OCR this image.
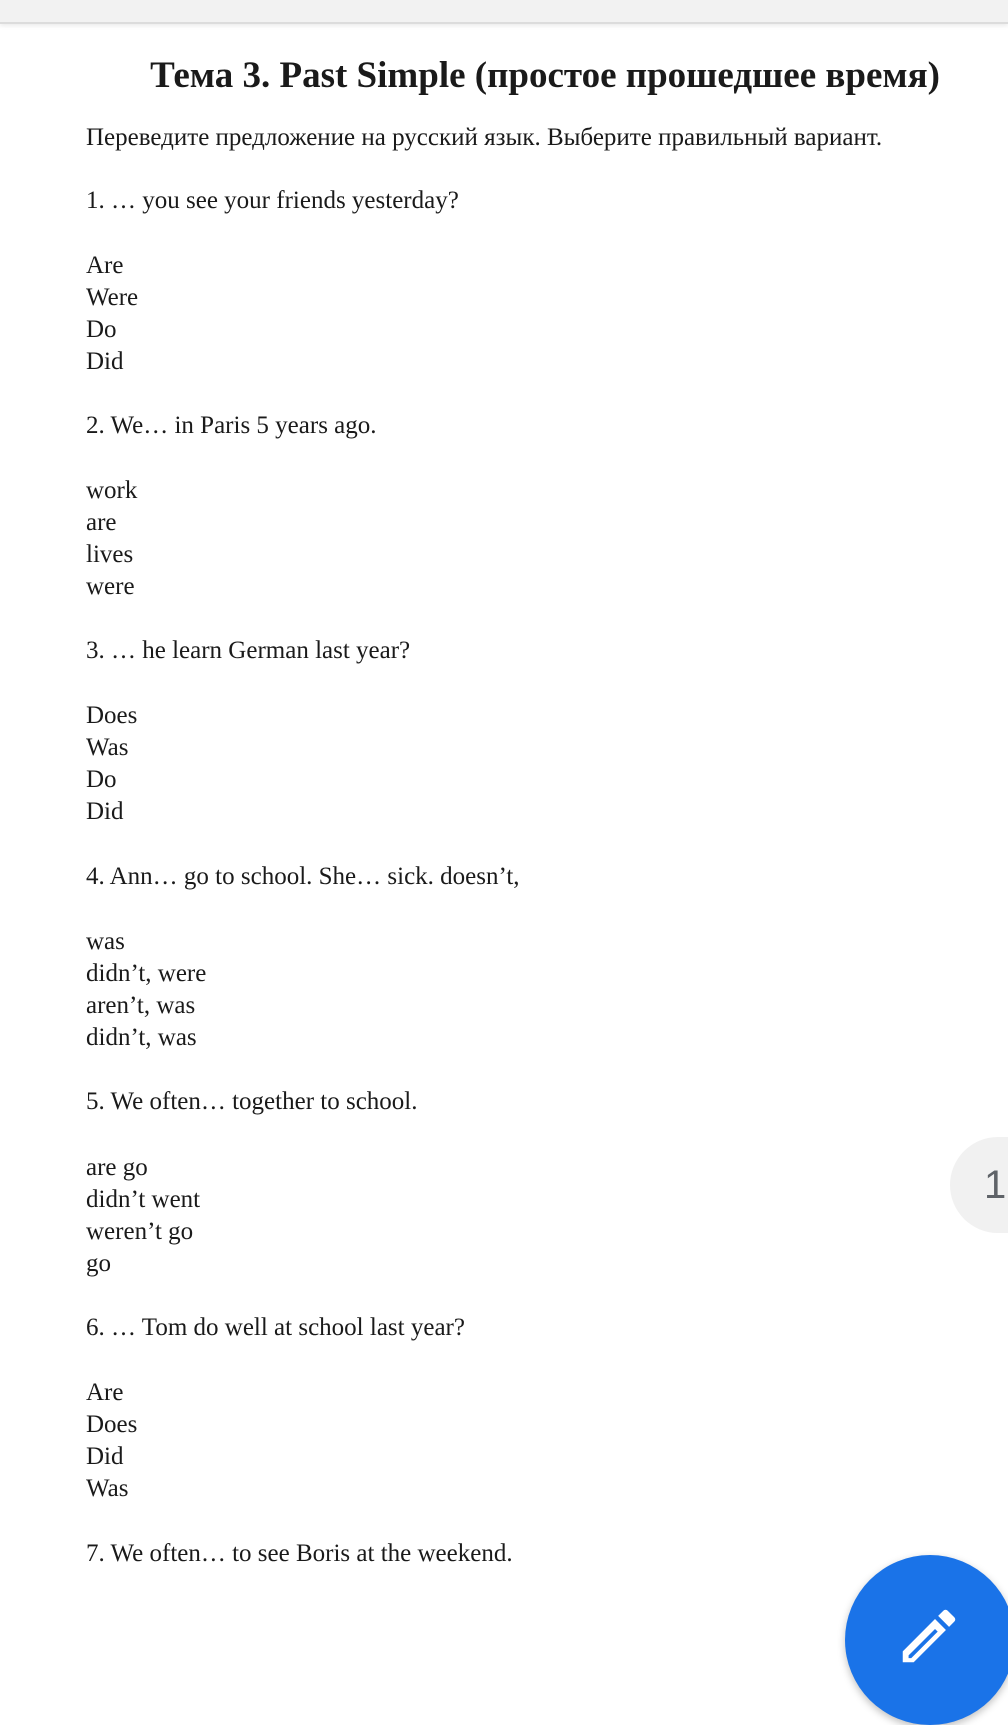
Тема 3. Past Simple (простое прошедшее время)
Переведите предложение на русский язык. Выберите правильный вариант.
1. … you see your friends yesterday?
Are
Were
Do
Did
2. We… in Paris 5 years ago.
work
are
lives
were
3. … he learn German last year?
Does
Was
Do
Did
4. Ann… go to school. She… sick. doesn’t,
was
didn’t, were
aren’t, was
didn’t, was
5. We often… together to school.
are go
didn’t went
weren’t go
go
6. … Tom do well at school last year?
Are
Does
Did
Was
7. We often… to see Boris at the weekend.
1
